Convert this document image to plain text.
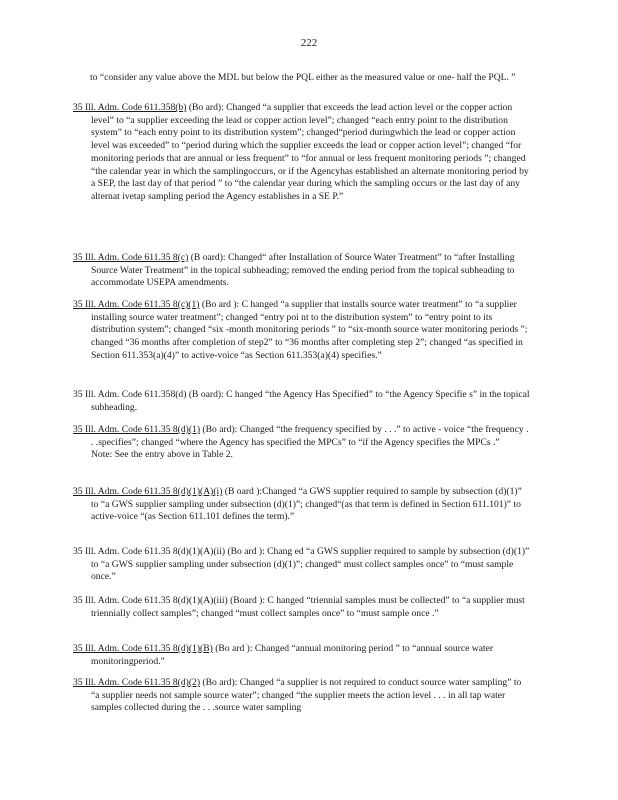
222

to “consider any value above the MDL but below the PQL either as the measured value or one- half the PQL. ”

35 Ill. Adm. Code 611.358(b) (Bo ard): Changed “a supplier that exceeds the lead action level or the copper action level” to “a supplier exceeding the lead or copper action level”; changed “each entry point to the distribution system” to “each entry point to its distribution system”; changed“period duringwhich the lead or copper action level was exceeded” to “period during which the supplier exceeds the lead or copper action level”; changed “for monitoring periods that are annual or less frequent” to “for annual or less frequent monitoring periods ”; changed “the calendar year in which the samplingoccurs, or if the Agencyhas established an alternate monitoring period by a SEP, the last day of that period ” to “the calendar year during which the sampling occurs or the last day of any alternat ivetap sampling period the Agency establishes in a SE P.”

35 Ill. Adm. Code 611.35 8(c) (B oard): Changed“ after Installation of Source Water Treatment” to “after Installing Source Water Treatment” in the topical subheading; removed the ending period from the topical subheading to accommodate USEPA amendments.

35 Ill. Adm. Code 611.35 8(c)(1) (Bo ard ): C hanged “a supplier that installs source water treatment” to “a supplier installing source water treatment”; changed “entry poi nt to the distribution system” to “entry point to its distribution system”; changed “six -month monitoring periods ” to “six-month source water monitoring periods ”; changed “36 months after completion of step2” to “36 months after completing step 2”; changed “as specified in Section 611.353(a)(4)” to active-voice “as Section 611.353(a)(4) specifies.”

35 Ill. Adm. Code 611.358(d) (B oard): C hanged “the Agency Has Specified” to “the Agency Specifie s” in the topical subheading.

35 Ill. Adm. Code 611.35 8(d)(1) (Bo ard): Changed “the frequency specified by . . .” to active - voice “the frequency . . .specifies”; changed “where the Agency has specified the MPCs” to “if the Agency specifies the MPCs .”
Note: See the entry above in Table 2.

35 Ill. Adm. Code 611.35 8(d)(1)(A)(i) (B oard ):Changed “a GWS supplier required to sample by subsection (d)(1)” to “a GWS supplier sampling under subsection (d)(1)”; changed“(as that term is defined in Section 611.101)” to active-voice “(as Section 611.101 defines the term).”

35 Ill. Adm. Code 611.35 8(d)(1)(A)(ii) (Bo ard ): Chang ed “a GWS supplier required to sample by subsection (d)(1)” to “a GWS supplier sampling under subsection (d)(1)”; changed“ must collect samples once” to “must sample once.”

35 Ill. Adm. Code 611.35 8(d)(1)(A)(iii) (Board ): C hanged “triennial samples must be collected” to “a supplier must triennially collect samples”; changed “must collect samples once” to “must sample once .”

35 Ill. Adm. Code 611.35 8(d)(1)(B) (Bo ard ): Changed “annual monitoring period ” to “annual source water monitoringperiod.”

35 Ill. Adm. Code 611.35 8(d)(2) (Bo ard): Changed “a supplier is not required to conduct source water sampling” to “a supplier needs not sample source water”; changed “the supplier meets the action level . . . in all tap water samples collected during the . . .source water sampling
